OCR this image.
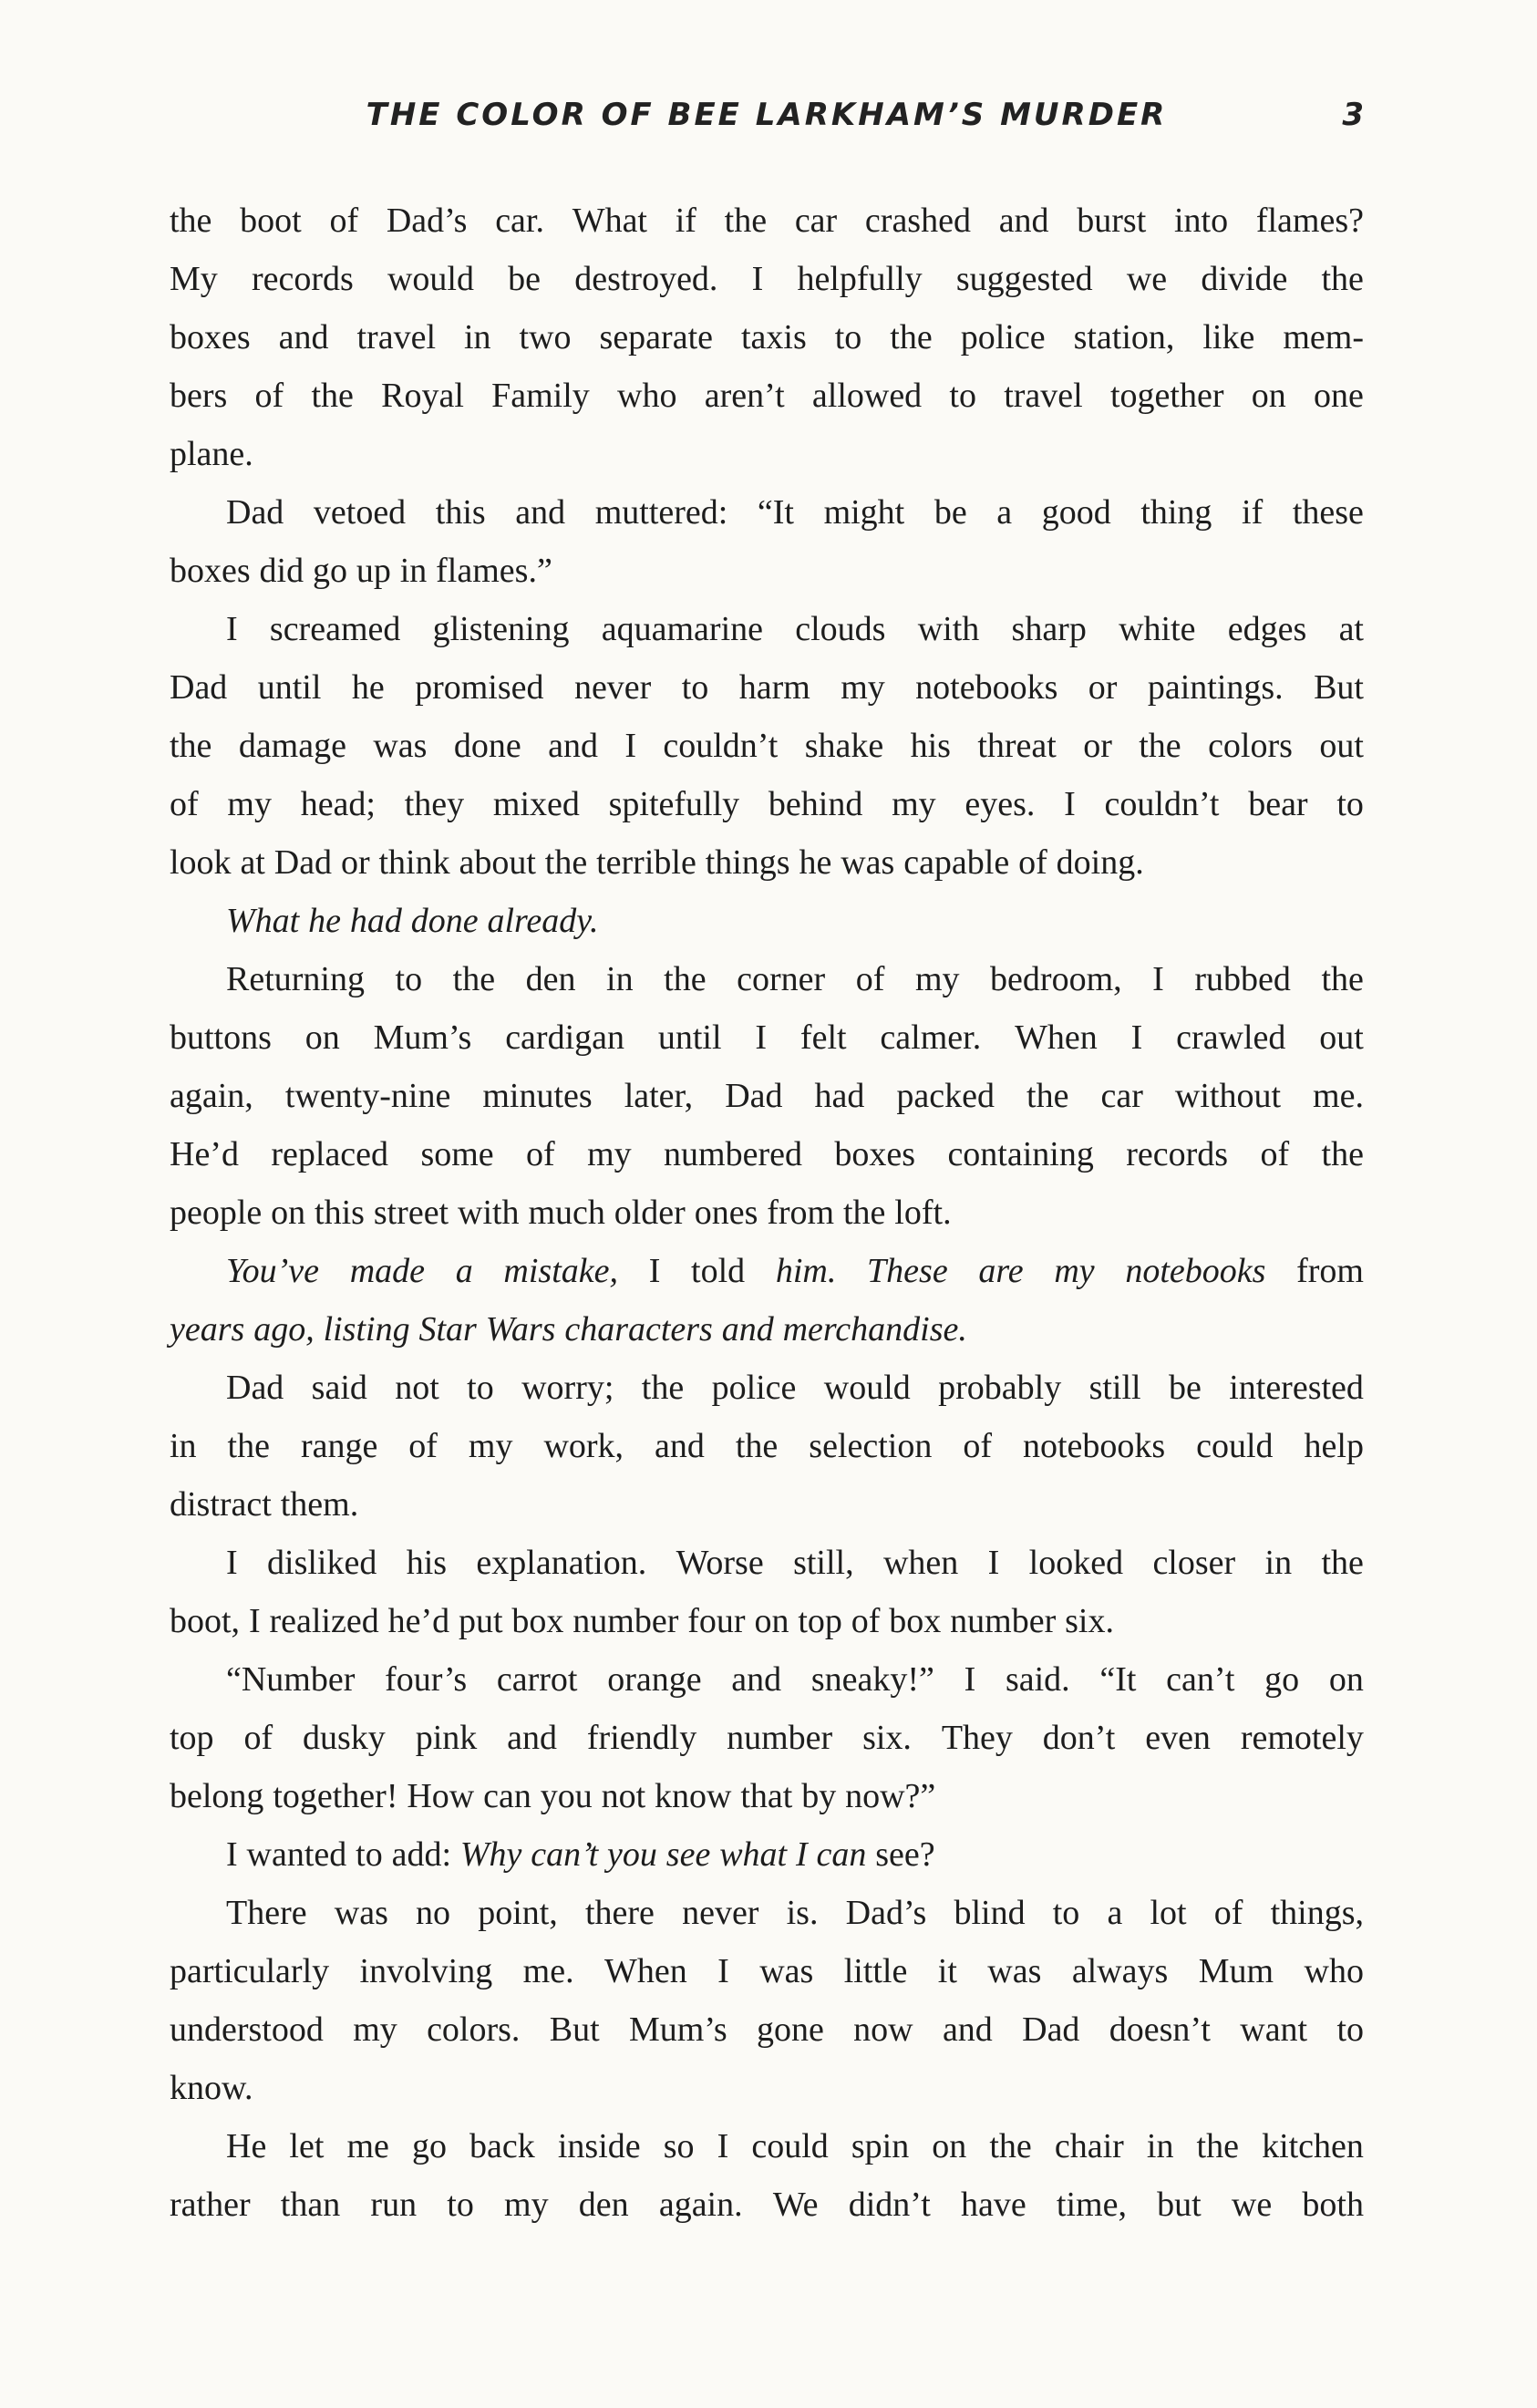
THE COLOR OF BEE LARKHAM’S MURDER	3
the boot of Dad’s car. What if the car crashed and burst into flames?
My records would be destroyed. I helpfully suggested we divide the
boxes and travel in two separate taxis to the police station, like mem-
bers of the Royal Family who aren’t allowed to travel together on one
plane.
Dad vetoed this and muttered: “It might be a good thing if these
boxes did go up in flames.”
I screamed glistening aquamarine clouds with sharp white edges at
Dad until he promised never to harm my notebooks or paintings. But
the damage was done and I couldn’t shake his threat or the colors out
of my head; they mixed spitefully behind my eyes. I couldn’t bear to
look at Dad or think about the terrible things he was capable of doing.
What he had done already.
Returning to the den in the corner of my bedroom, I rubbed the
buttons on Mum’s cardigan until I felt calmer. When I crawled out
again, twenty-nine minutes later, Dad had packed the car without me.
He’d replaced some of my numbered boxes containing records of the
people on this street with much older ones from the loft.
You’ve made a mistake, I told him. These are my notebooks from
years ago, listing Star Wars characters and merchandise.
Dad said not to worry; the police would probably still be interested
in the range of my work, and the selection of notebooks could help
distract them.
I disliked his explanation. Worse still, when I looked closer in the
boot, I realized he’d put box number four on top of box number six.
“Number four’s carrot orange and sneaky!” I said. “It can’t go on
top of dusky pink and friendly number six. They don’t even remotely
belong together! How can you not know that by now?”
I wanted to add: Why can’t you see what I can see?
There was no point, there never is. Dad’s blind to a lot of things,
particularly involving me. When I was little it was always Mum who
understood my colors. But Mum’s gone now and Dad doesn’t want to
know.
He let me go back inside so I could spin on the chair in the kitchen
rather than run to my den again. We didn’t have time, but we both
